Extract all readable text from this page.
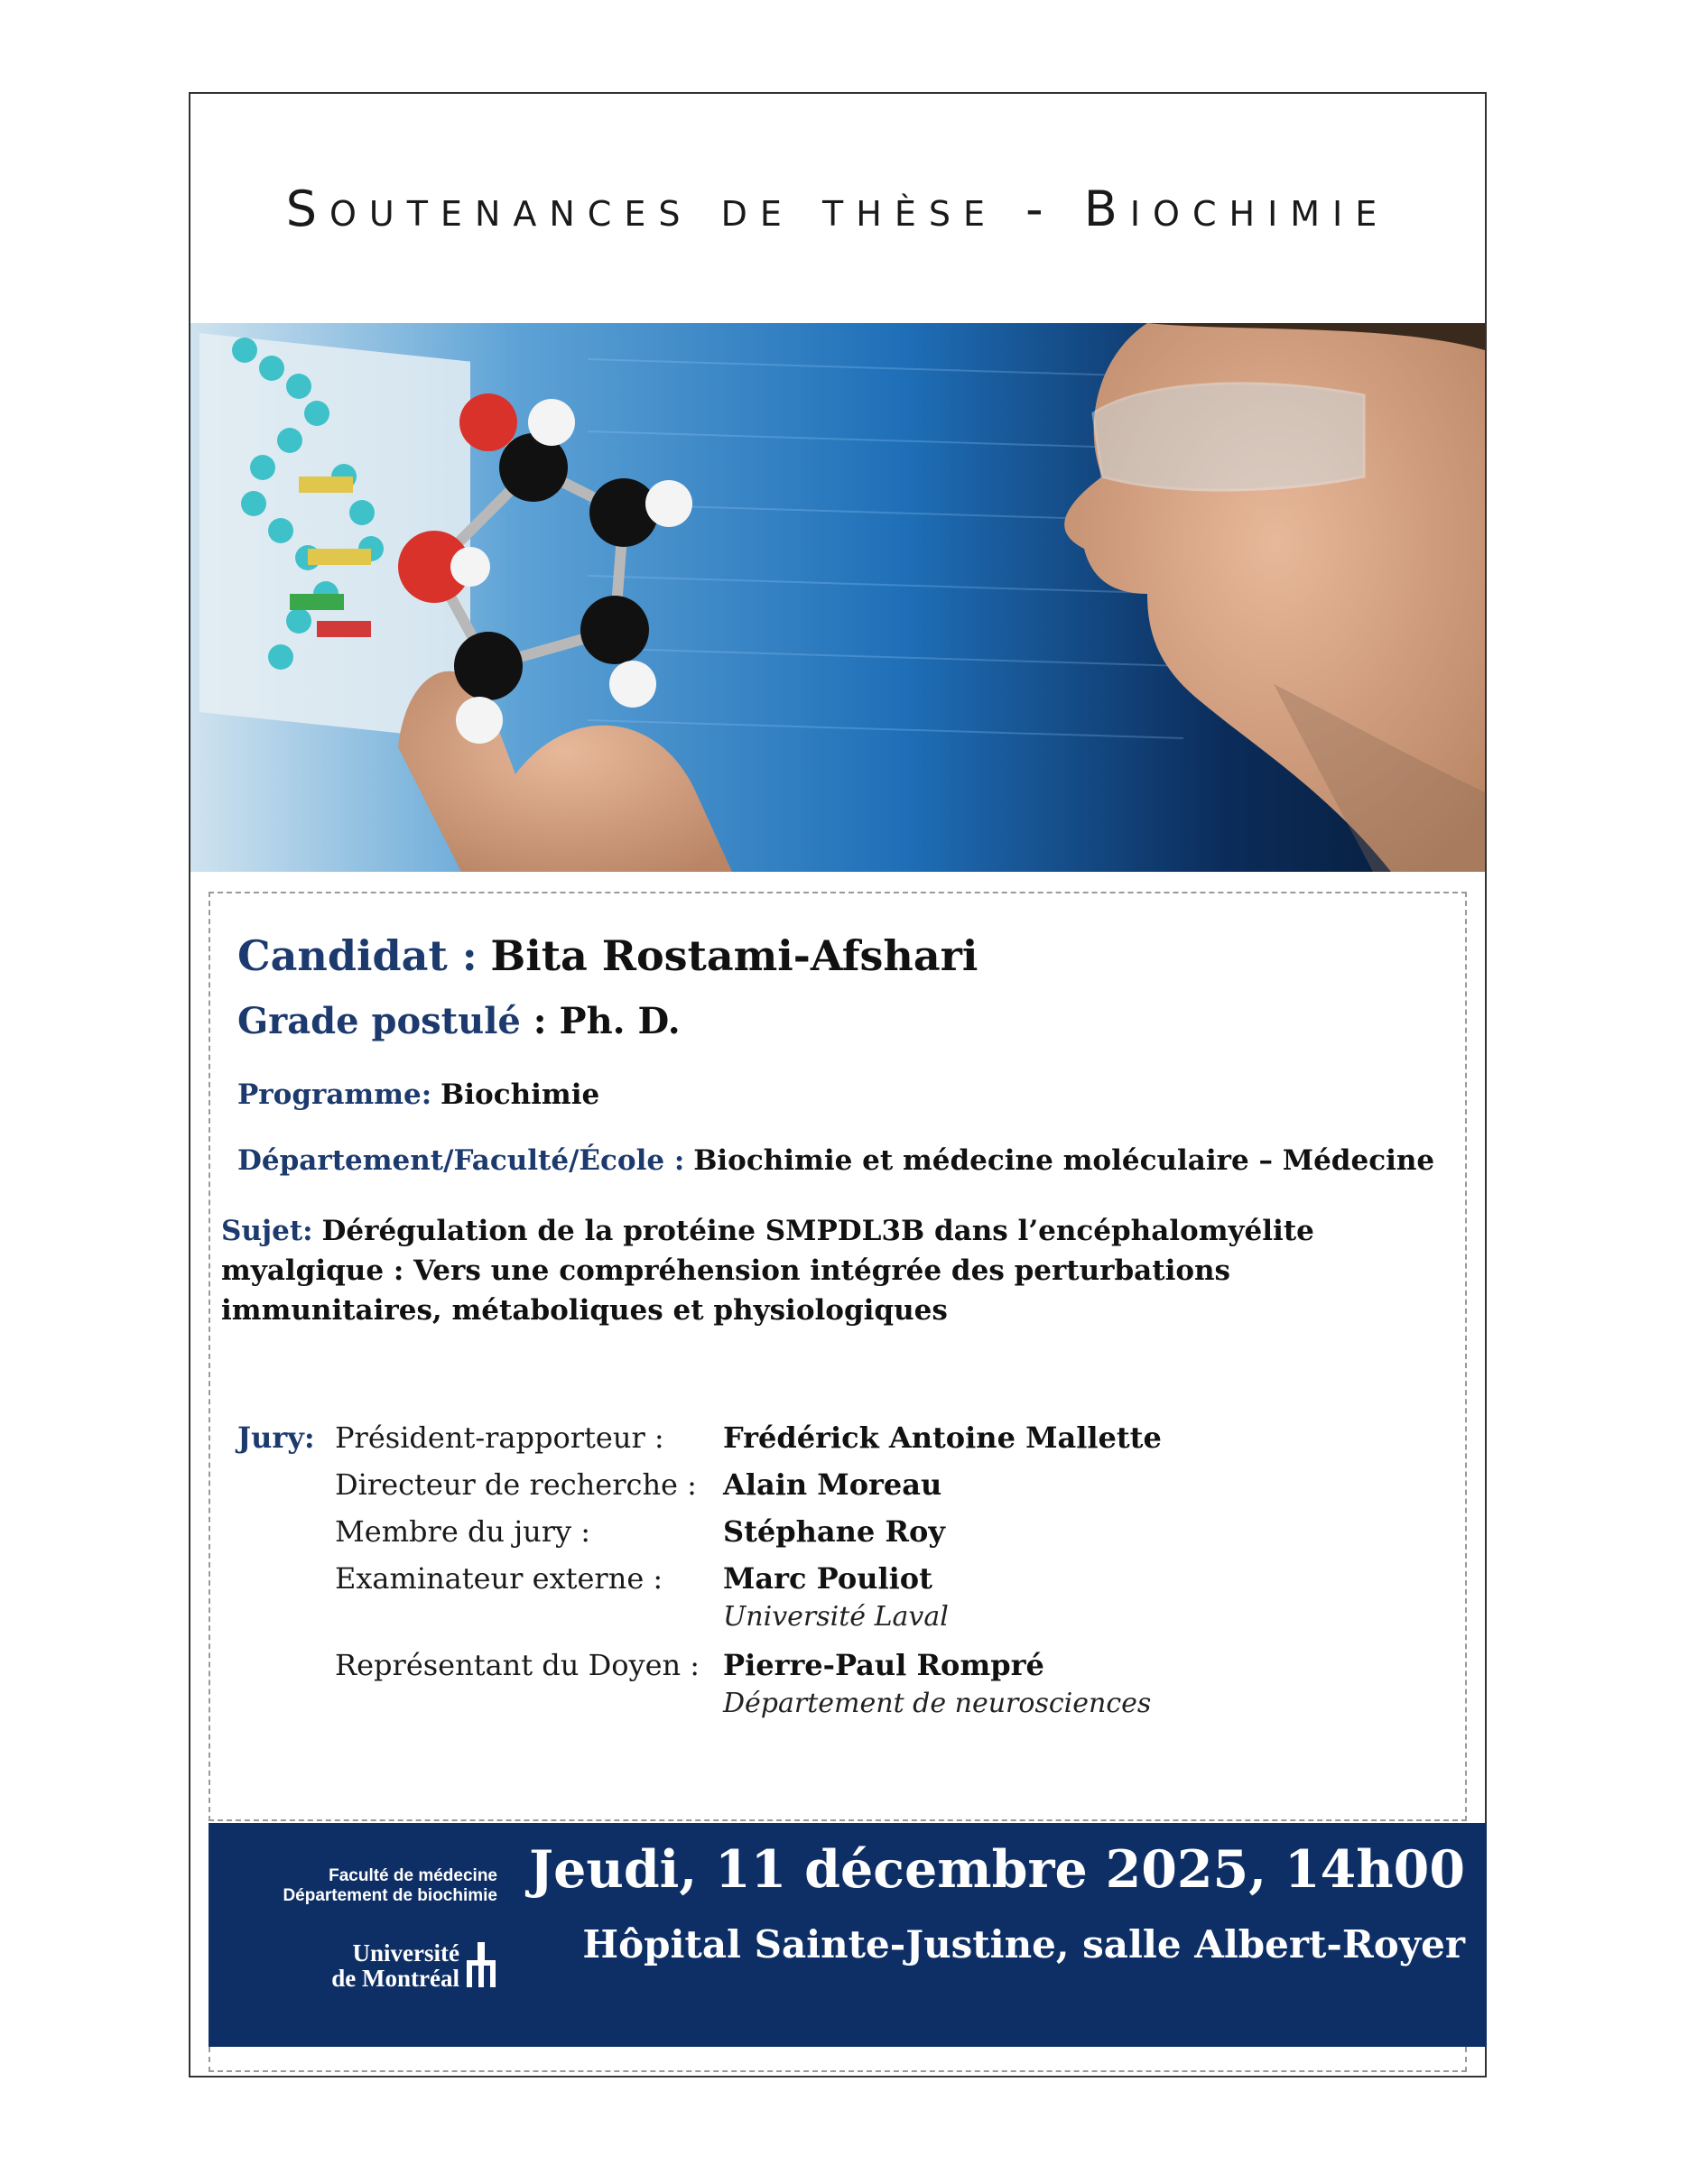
Soutenances de thèse - Biochimie
Candidat : Bita Rostami-Afshari
Grade postulé : Ph. D.
Programme: Biochimie
Département/Faculté/École : Biochimie et médecine moléculaire – Médecine
Sujet: Dérégulation de la protéine SMPDL3B dans l’encéphalomyélite myalgique : Vers une compréhension intégrée des perturbations immunitaires, métaboliques et physiologiques
Jury: Président-rapporteur : Frédérick Antoine Mallette
Directeur de recherche : Alain Moreau
Membre du jury :	Stéphane Roy
Examinateur externe : Marc Pouliot
Université Laval
Représentant du Doyen : Pierre-Paul Rompré
Département de neurosciences
Faculté de médecine
Département de biochimie
Université
de Montréal
Jeudi, 11 décembre 2025, 14h00
Hôpital Sainte-Justine, salle Albert-Royer
